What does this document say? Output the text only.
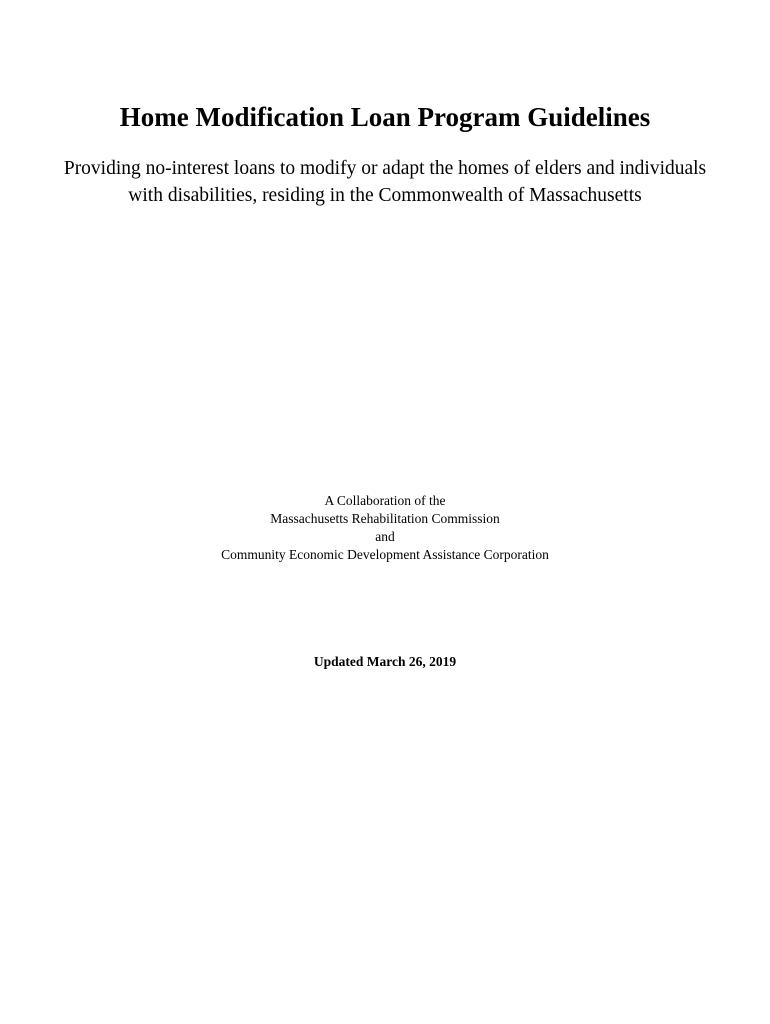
Home Modification Loan Program Guidelines

Providing no-interest loans to modify or adapt the homes of elders and individuals
with disabilities, residing in the Commonwealth of Massachusetts

A Collaboration of the
Massachusetts Rehabilitation Commission
and
Community Economic Development Assistance Corporation

Updated March 26, 2019
